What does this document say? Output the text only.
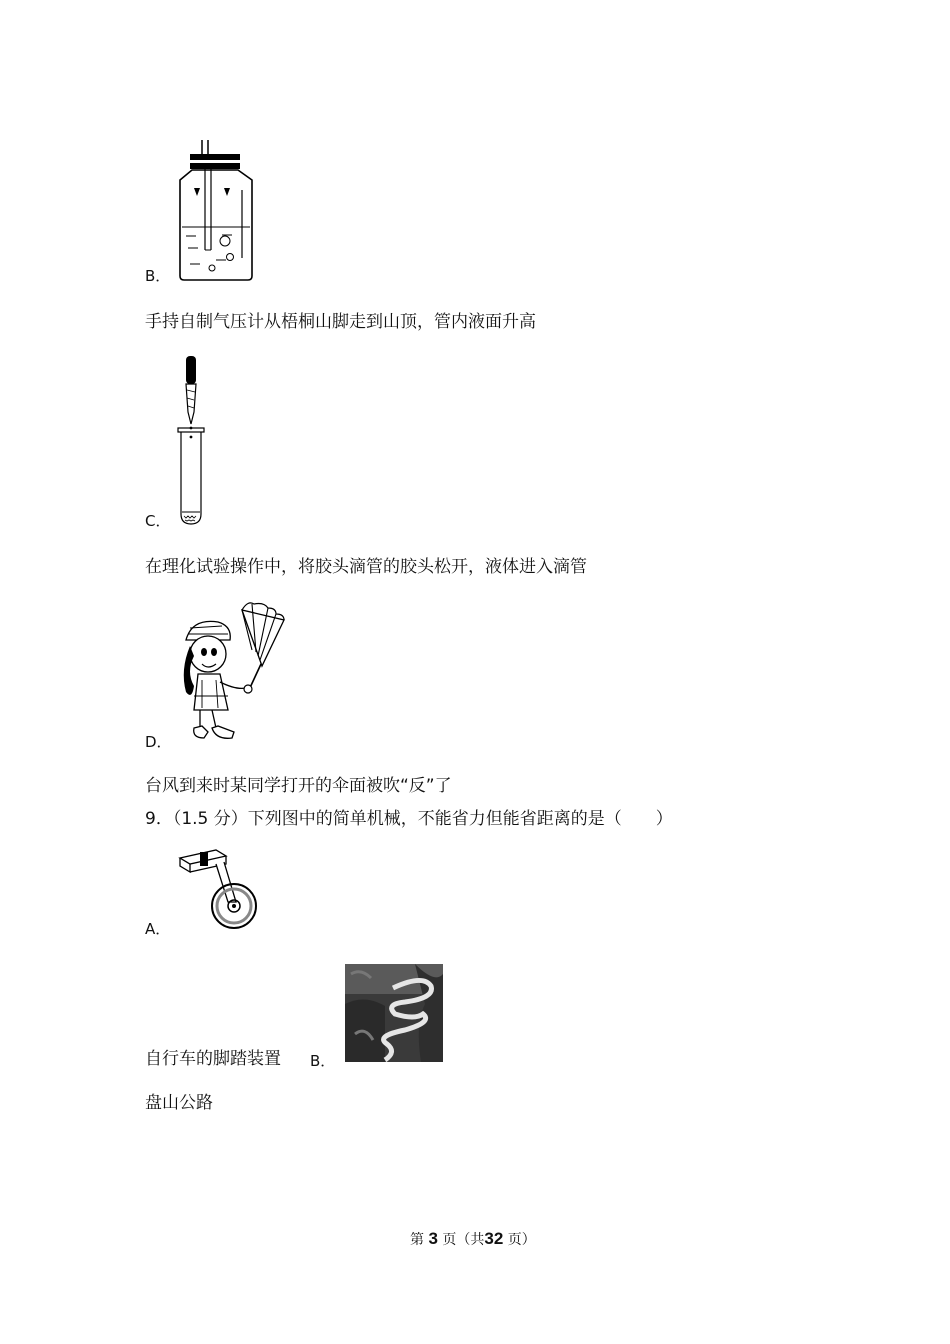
B．
手持自制气压计从梧桐山脚走到山顶，管内液面升高
C．
在理化试验操作中，将胶头滴管的胶头松开，液体进入滴管
D．
台风到来时某同学打开的伞面被吹“反”了
9．（1.5 分）下列图中的简单机械，不能省力但能省距离的是（　　）
A．
自行车的脚踏装置 B．
盘山公路
第 3 页（共32 页）
